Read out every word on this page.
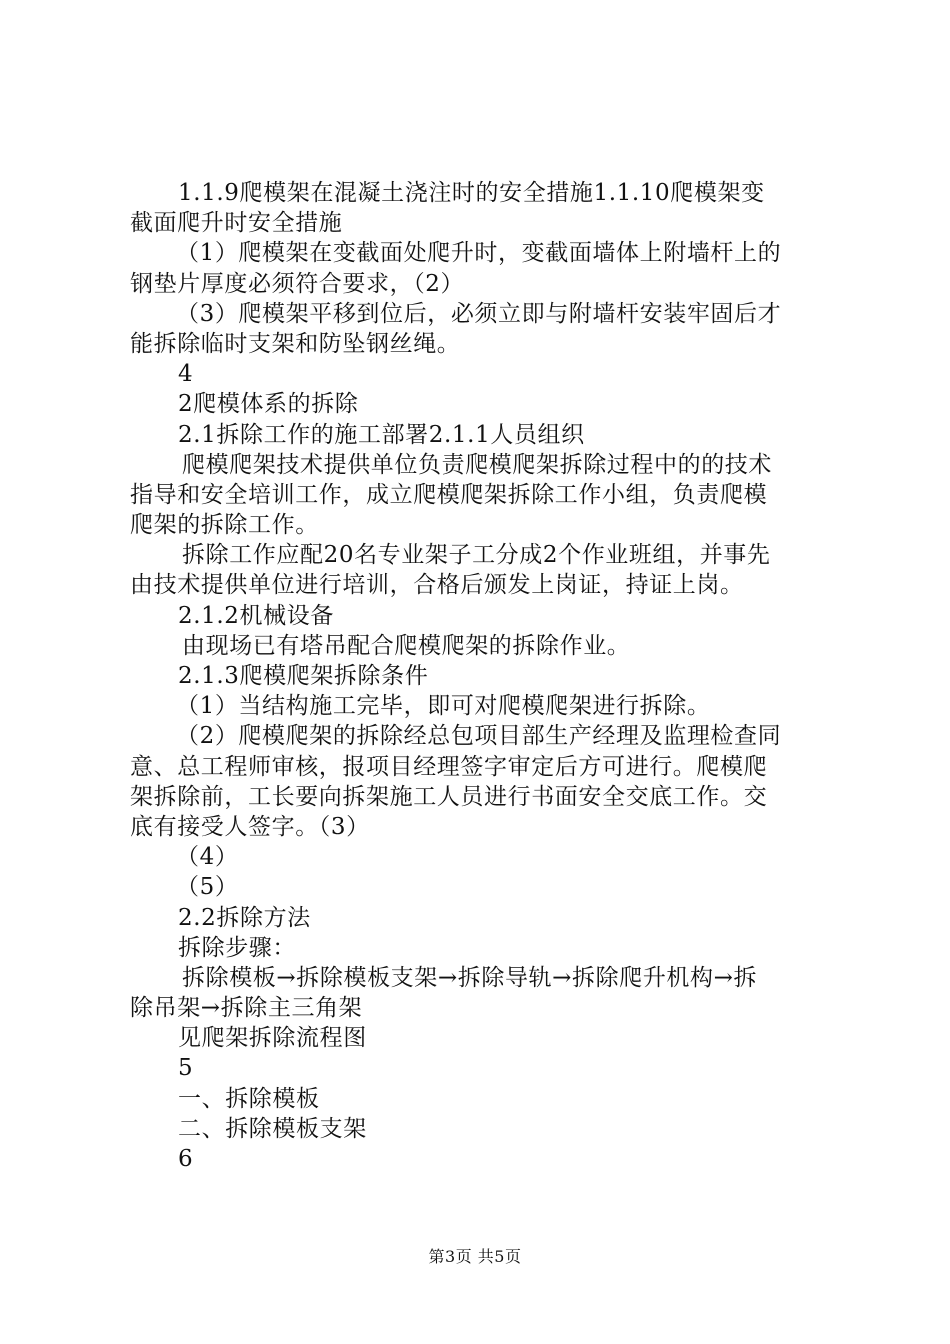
1.1.9爬模架在混凝土浇注时的安全措施1.1.10爬模架变
截面爬升时安全措施
（1）爬模架在变截面处爬升时，变截面墙体上附墙杆上的
钢垫片厚度必须符合要求，（2）
（3）爬模架平移到位后，必须立即与附墙杆安装牢固后才
能拆除临时支架和防坠钢丝绳。
4
2爬模体系的拆除
2.1拆除工作的施工部署2.1.1人员组织
爬模爬架技术提供单位负责爬模爬架拆除过程中的的技术
指导和安全培训工作，成立爬模爬架拆除工作小组，负责爬模
爬架的拆除工作。
拆除工作应配20名专业架子工分成2个作业班组，并事先
由技术提供单位进行培训，合格后颁发上岗证，持证上岗。
2.1.2机械设备
由现场已有塔吊配合爬模爬架的拆除作业。
2.1.3爬模爬架拆除条件
（1）当结构施工完毕，即可对爬模爬架进行拆除。
（2）爬模爬架的拆除经总包项目部生产经理及监理检查同
意、总工程师审核，报项目经理签字审定后方可进行。爬模爬
架拆除前，工长要向拆架施工人员进行书面安全交底工作。交
底有接受人签字。（3）
（4）
（5）
2.2拆除方法
拆除步骤：
拆除模板→拆除模板支架→拆除导轨→拆除爬升机构→拆
除吊架→拆除主三角架
见爬架拆除流程图
5
一、拆除模板
二、拆除模板支架
6
第3页 共5页
